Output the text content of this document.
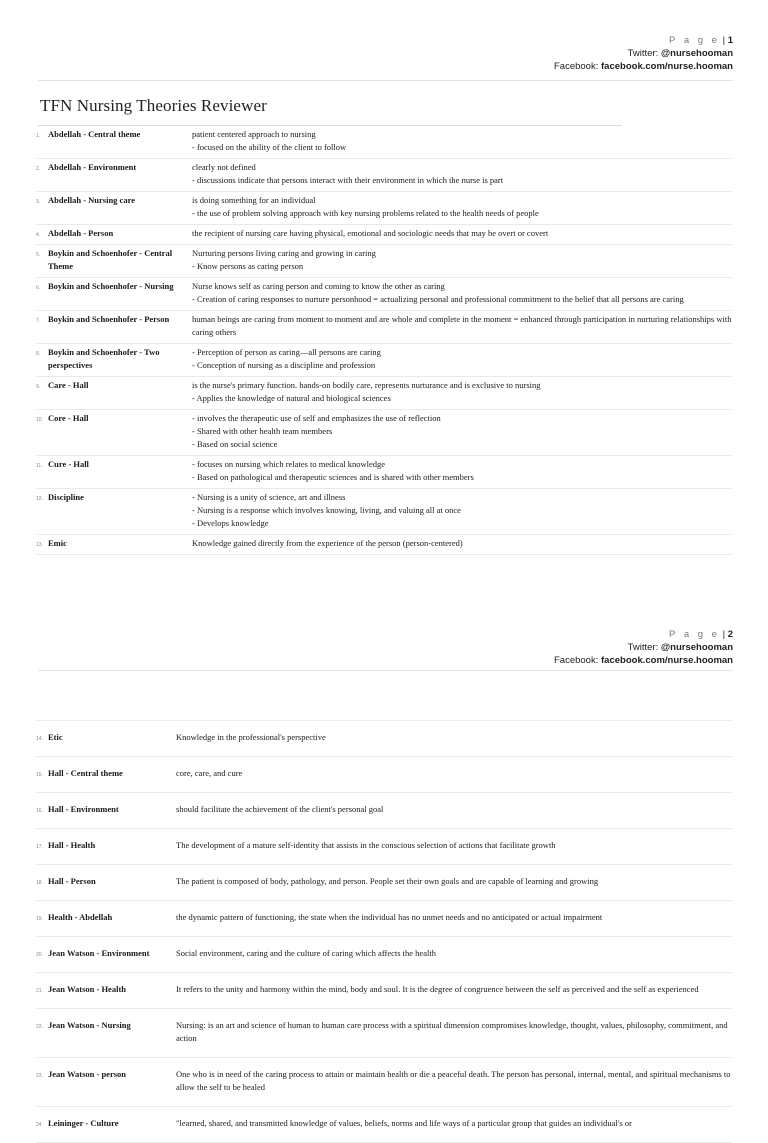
P a g e | 1
Twitter: @nursehooman
Facebook: facebook.com/nurse.hooman
TFN Nursing Theories Reviewer
1.	Abdellah - Central theme	patient centered approach to nursing
- focused on the ability of the client to follow

2.	Abdellah - Environment	clearly not defined
- discussions indicate that persons interact with their environment in which the nurse is part

3.	Abdellah - Nursing care	is doing something for an individual
- the use of problem solving approach with key nursing problems related to the health needs of people

4.	Abdellah - Person	the recipient of nursing care having physical, emotional and sociologic needs that may be overt or covert

5.	Boykin and Schoenhofer - Central Theme	Nurturing persons living caring and growing in caring
- Know persons as caring person

6.	Boykin and Schoenhofer - Nursing	Nurse knows self as caring person and coming to know the other as caring
- Creation of caring responses to nurture personhood = actualizing personal and professional commitment to the belief that all persons are caring

7.	Boykin and Schoenhofer - Person	human beings are caring from moment to moment and are whole and complete in the moment = enhanced through participation in nurturing relationships with caring others

8.	Boykin and Schoenhofer - Two perspectives	- Perception of person as caring—all persons are caring
- Conception of nursing as a discipline and profession

9.	Care - Hall	is the nurse's primary function. hands-on bodily care, represents nurturance and is exclusive to nursing
- Applies the knowledge of natural and biological sciences

10.	Core - Hall	- involves the therapeutic use of self and emphasizes the use of reflection
- Shared with other health team members
- Based on social science

11.	Cure - Hall	- focuses on nursing which relates to medical knowledge
- Based on pathological and therapeutic sciences and is shared with other members

12.	Discipline	- Nursing is a unity of science, art and illness
- Nursing is a response which involves knowing, living, and valuing all at once
- Develops knowledge

13.	Emic	Knowledge gained directly from the experience of the person (person-centered)
P a g e | 2
Twitter: @nursehooman
Facebook: facebook.com/nurse.hooman

14.	Etic	Knowledge in the professional's perspective

15.	Hall - Central theme	core, care, and cure

16.	Hall - Environment	should facilitate the achievement of the client's personal goal

17.	Hall - Health	The development of a mature self-identity that assists in the conscious selection of actions that facilitate growth

18.	Hall - Person	The patient is composed of body, pathology, and person. People set their own goals and are capable of learning and growing

19.	Health - Abdellah	the dynamic pattern of functioning, the state when the individual has no unmet needs and no anticipated or actual impairment

20.	Jean Watson - Environment	Social environment, caring and the culture of caring which affects the health

21.	Jean Watson - Health	It refers to the unity and harmony within the mind, body and soul. It is the degree of congruence between the self as perceived and the self as experienced

22.	Jean Watson - Nursing	Nursing: is an art and science of human to human care process with a spiritual dimension compromises knowledge, thought, values, philosophy, commitment, and action

23.	Jean Watson - person	One who is in need of the caring process to attain or maintain health or die a peaceful death. The person has personal, internal, mental, and spiritual mechanisms to allow the self to be healed

24.	Leininger - Culture	"learned, shared, and transmitted knowledge of values, beliefs, norms and life ways of a particular group that guides an individual's or
